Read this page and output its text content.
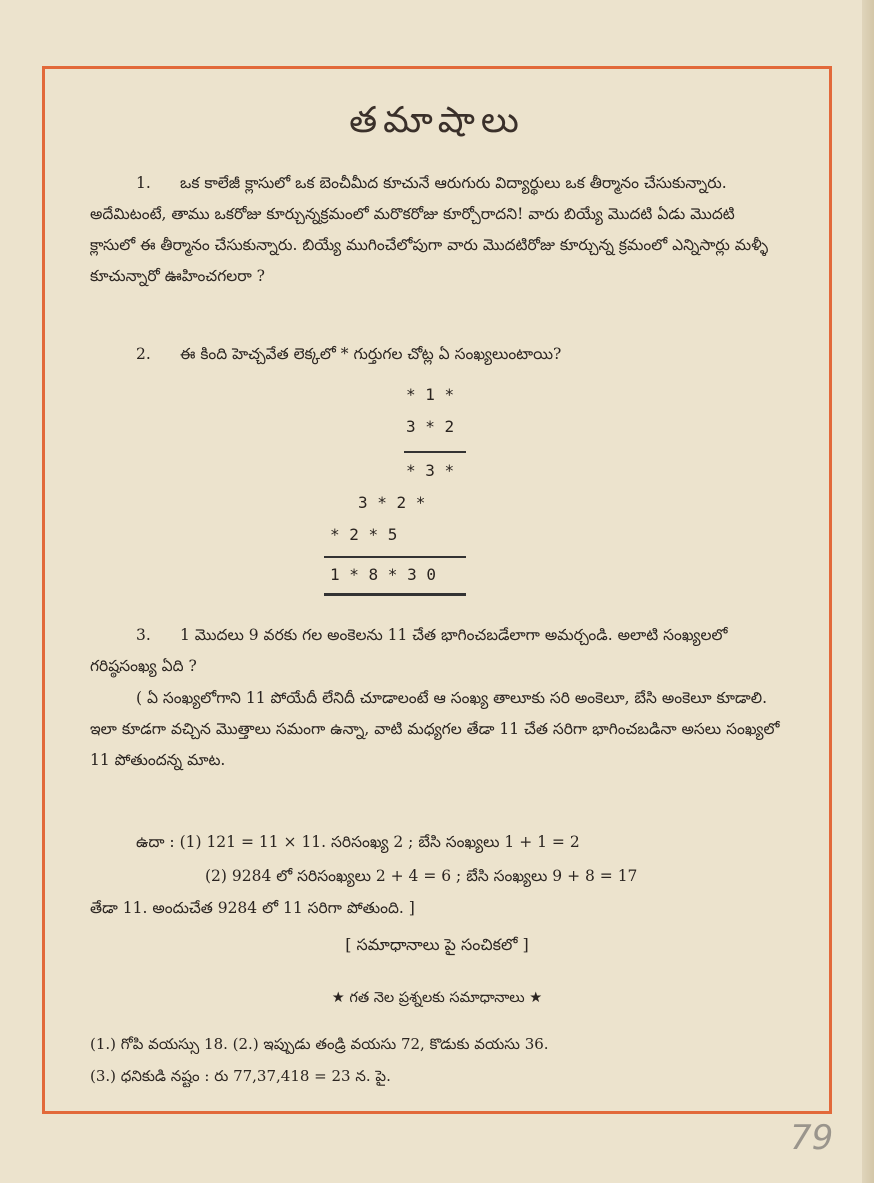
తమాషాలు

1. ఒక కాలేజీ క్లాసులో ఒక బెంచీమీద కూచునే ఆరుగురు విద్యార్థులు ఒక తీర్మానం చేసుకున్నారు. అదేమిటంటే, తాము ఒకరోజు కూర్చున్నక్రమంలో మరొకరోజు కూర్చోరాదని! వారు బియ్యే మొదటి ఏడు మొదటి క్లాసులో ఈ తీర్మానం చేసుకున్నారు. బియ్యే ముగించేలోపుగా వారు మొదటిరోజు కూర్చున్న క్రమంలో ఎన్నిసార్లు మళ్ళీ కూచున్నారో ఊహించగలరా ?

2. ఈ కింది హెచ్చవేత లెక్కలో * గుర్తుగల చోట్ల ఏ సంఖ్యలుంటాయి?

* 1 *
3 * 2
* 3 *
3 * 2 *
* 2 * 5
1 * 8 * 3 0

3. 1 మొదలు 9 వరకు గల అంకెలను 11 చేత భాగించబడేలాగా అమర్చండి. అలాటి సంఖ్యలలో గరిష్ఠసంఖ్య ఏది ?

( ఏ సంఖ్యలోగాని 11 పోయేదీ లేనిదీ చూడాలంటే ఆ సంఖ్య తాలూకు సరి అంకెలూ, బేసి అంకెలూ కూడాలి. ఇలా కూడగా వచ్చిన మొత్తాలు సమంగా ఉన్నా, వాటి మధ్యగల తేడా 11 చేత సరిగా భాగించబడినా అసలు సంఖ్యలో 11 పోతుందన్న మాట.

ఉదా : (1) 121 = 11 × 11. సరిసంఖ్య 2 ; బేసి సంఖ్యలు 1 + 1 = 2

(2) 9284 లో సరిసంఖ్యలు 2 + 4 = 6 ; బేసి సంఖ్యలు 9 + 8 = 17

తేడా 11. అందుచేత 9284 లో 11 సరిగా పోతుంది. ]

[ సమాధానాలు పై సంచికలో ]
★ గత నెల ప్రశ్నలకు సమాధానాలు ★
(1.) గోపి వయస్సు 18. (2.) ఇప్పుడు తండ్రి వయసు 72, కొడుకు వయసు 36.
(3.) ధనికుడి నష్టం : రు 77,37,418 = 23 న. పై.
79
